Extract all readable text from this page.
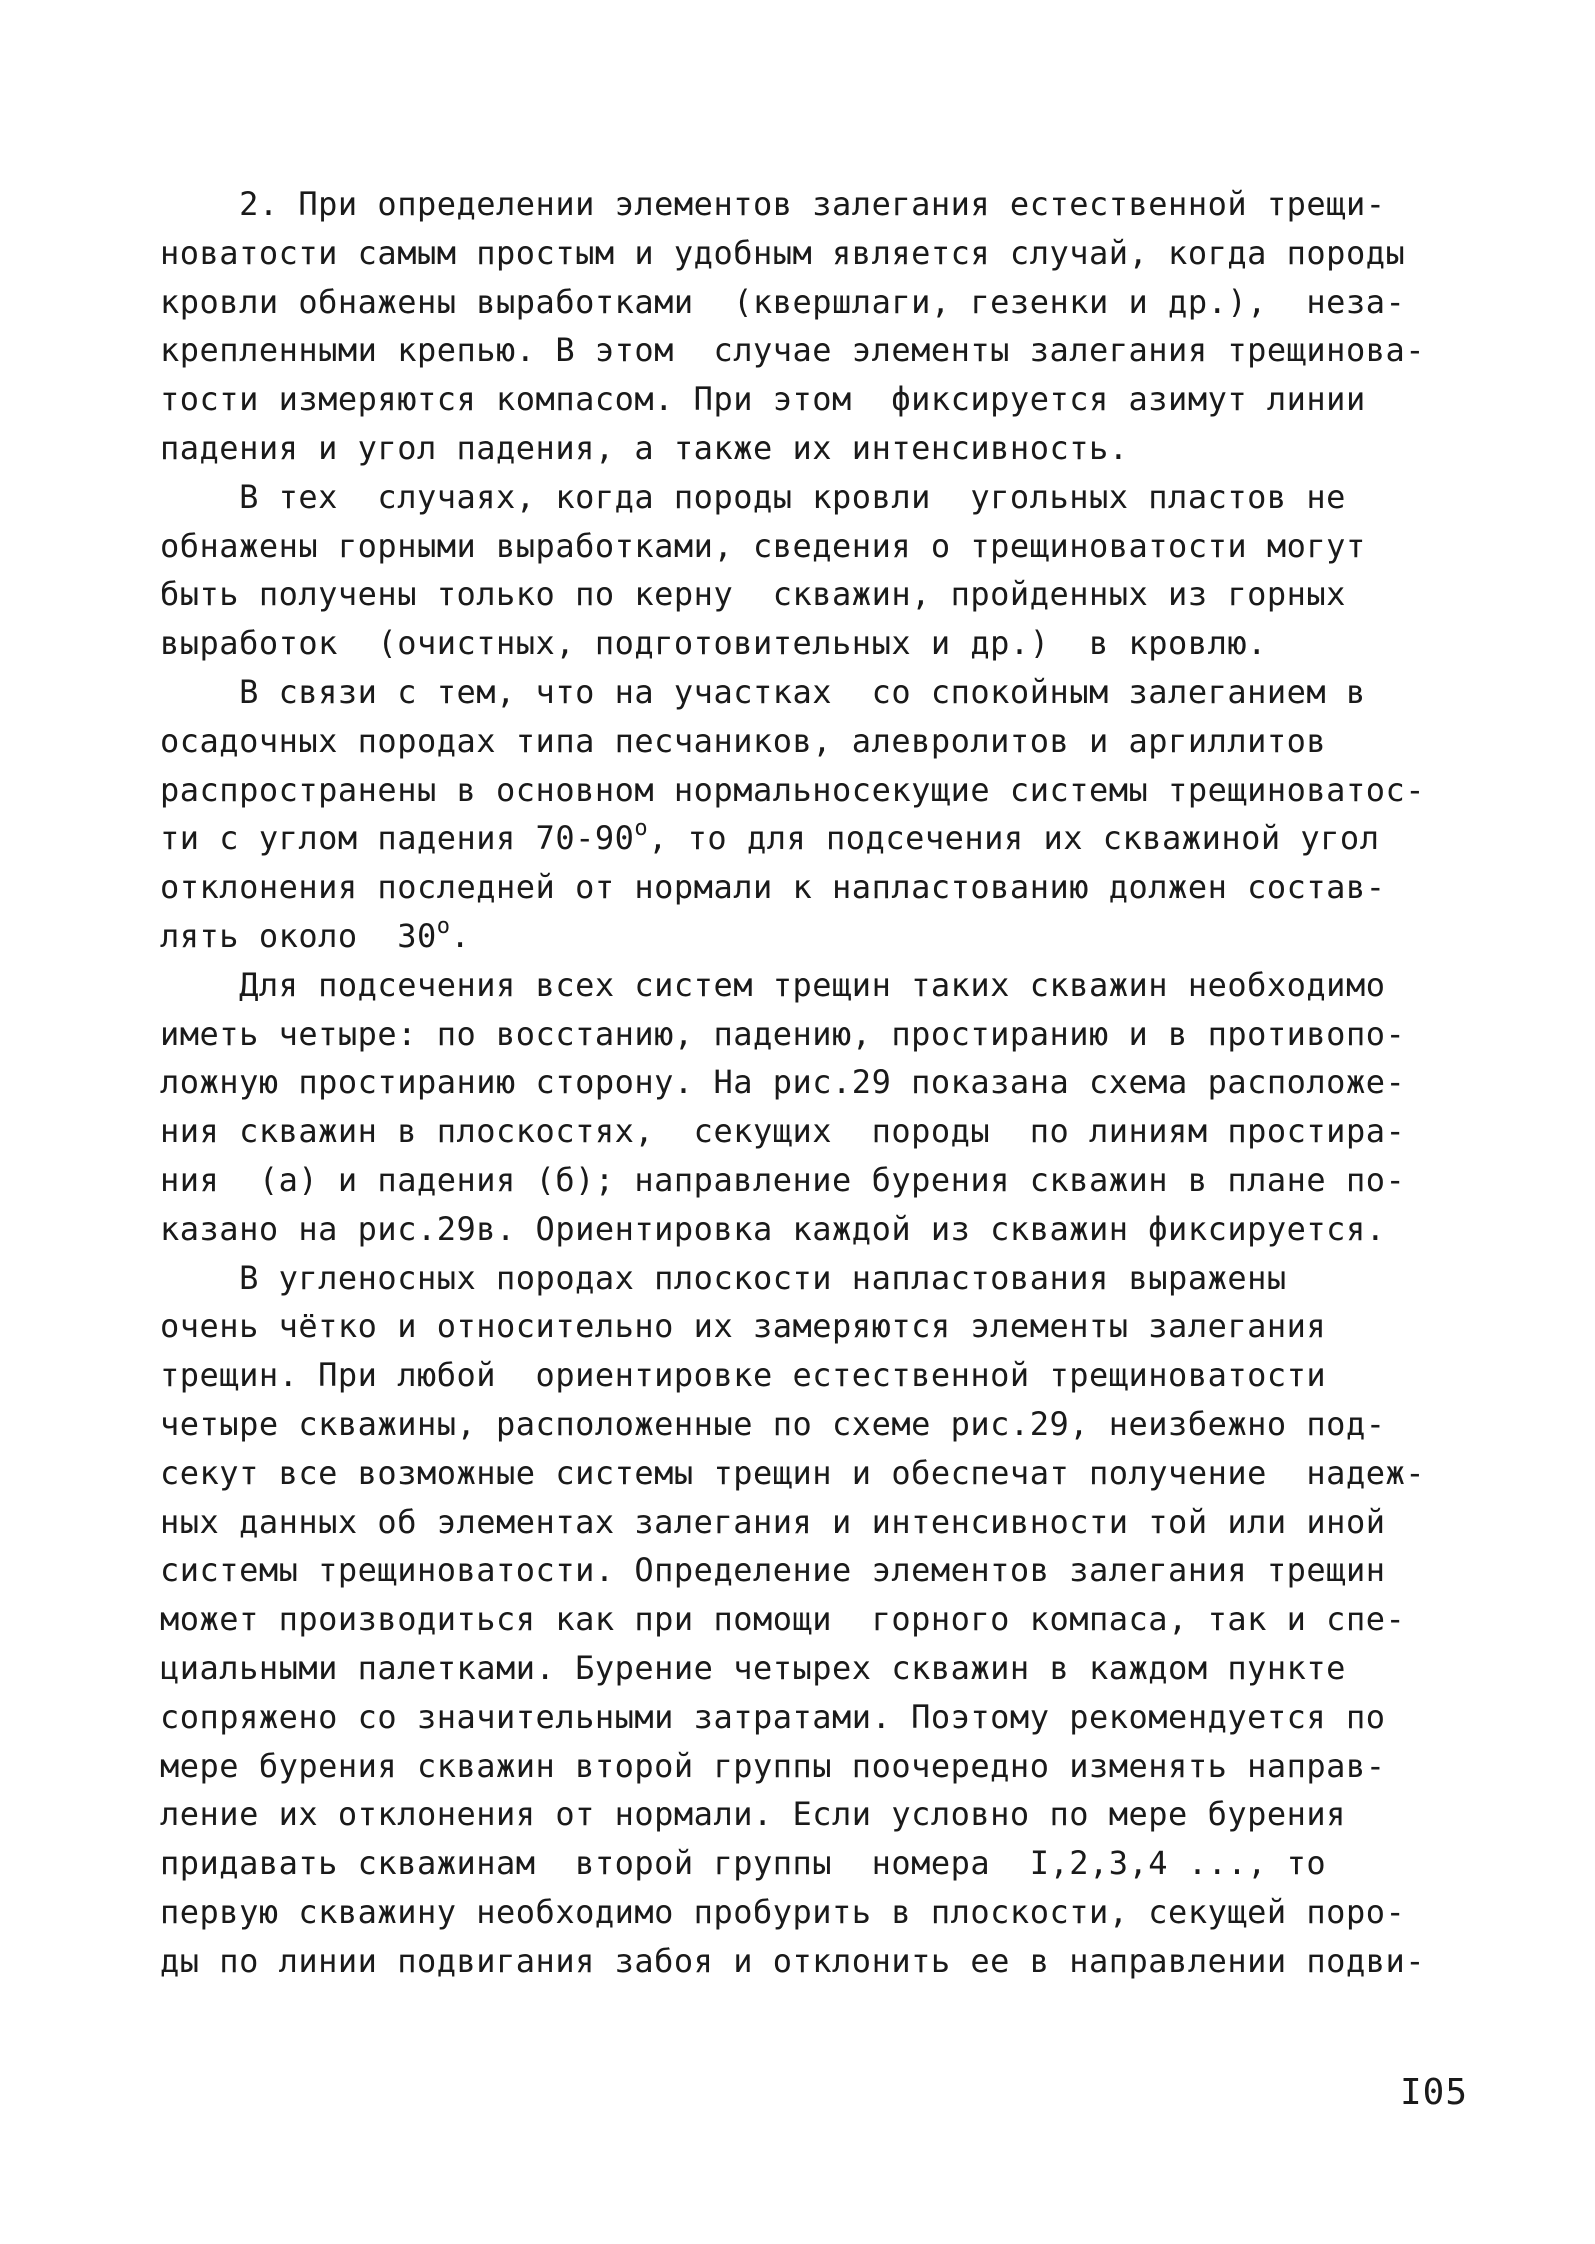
2. При определении элементов залегания естественной трещи-
новатости самым простым и удобным является случай, когда породы
кровли обнажены выработками  (квершлаги, гезенки и др.),  неза-
крепленными крепью. В этом  случае элементы залегания трещинова-
тости измеряются компасом. При этом  фиксируется азимут линии
падения и угол падения, а также их интенсивность.
В тех  случаях, когда породы кровли  угольных пластов не
обнажены горными выработками, сведения о трещиноватости могут
быть получены только по керну  скважин, пройденных из горных
выработок  (очистных, подготовительных и др.)  в кровлю.
В связи с тем, что на участках  со спокойным залеганием в
осадочных породах типа песчаников, алевролитов и аргиллитов
распространены в основном нормальносекущие системы трещиноватос-
ти с углом падения $70-90^о$, то для подсечения их скважиной угол
отклонения последней от нормали к напластованию должен состав-
лять около  $30^о$.
Для подсечения всех систем трещин таких скважин необходимо
иметь четыре: по восстанию, падению, простиранию и в противопо-
ложную простиранию сторону. На рис.29 показана схема расположе-
ния скважин в плоскостях,  секущих  породы  по линиям простира-
ния  (а) и падения (б); направление бурения скважин в плане по-
казано на рис.29в. Ориентировка каждой из скважин фиксируется.
В угленосных породах плоскости напластования выражены
очень чётко и относительно их замеряются элементы залегания
трещин. При любой  ориентировке естественной трещиноватости
четыре скважины, расположенные по схеме рис.29, неизбежно под-
секут все возможные системы трещин и обеспечат получение  надеж-
ных данных об элементах залегания и интенсивности той или иной
системы трещиноватости. Определение элементов залегания трещин
может производиться как при помощи  горного компаса, так и спе-
циальными палетками. Бурение четырех скважин в каждом пункте
сопряжено со значительными затратами. Поэтому рекомендуется по
мере бурения скважин второй группы поочередно изменять направ-
ление их отклонения от нормали. Если условно по мере бурения
придавать скважинам  второй группы  номера  I,2,3,4 ..., то
первую скважину необходимо пробурить в плоскости, секущей поро-
ды по линии подвигания забоя и отклонить ее в направлении подви-
I05
